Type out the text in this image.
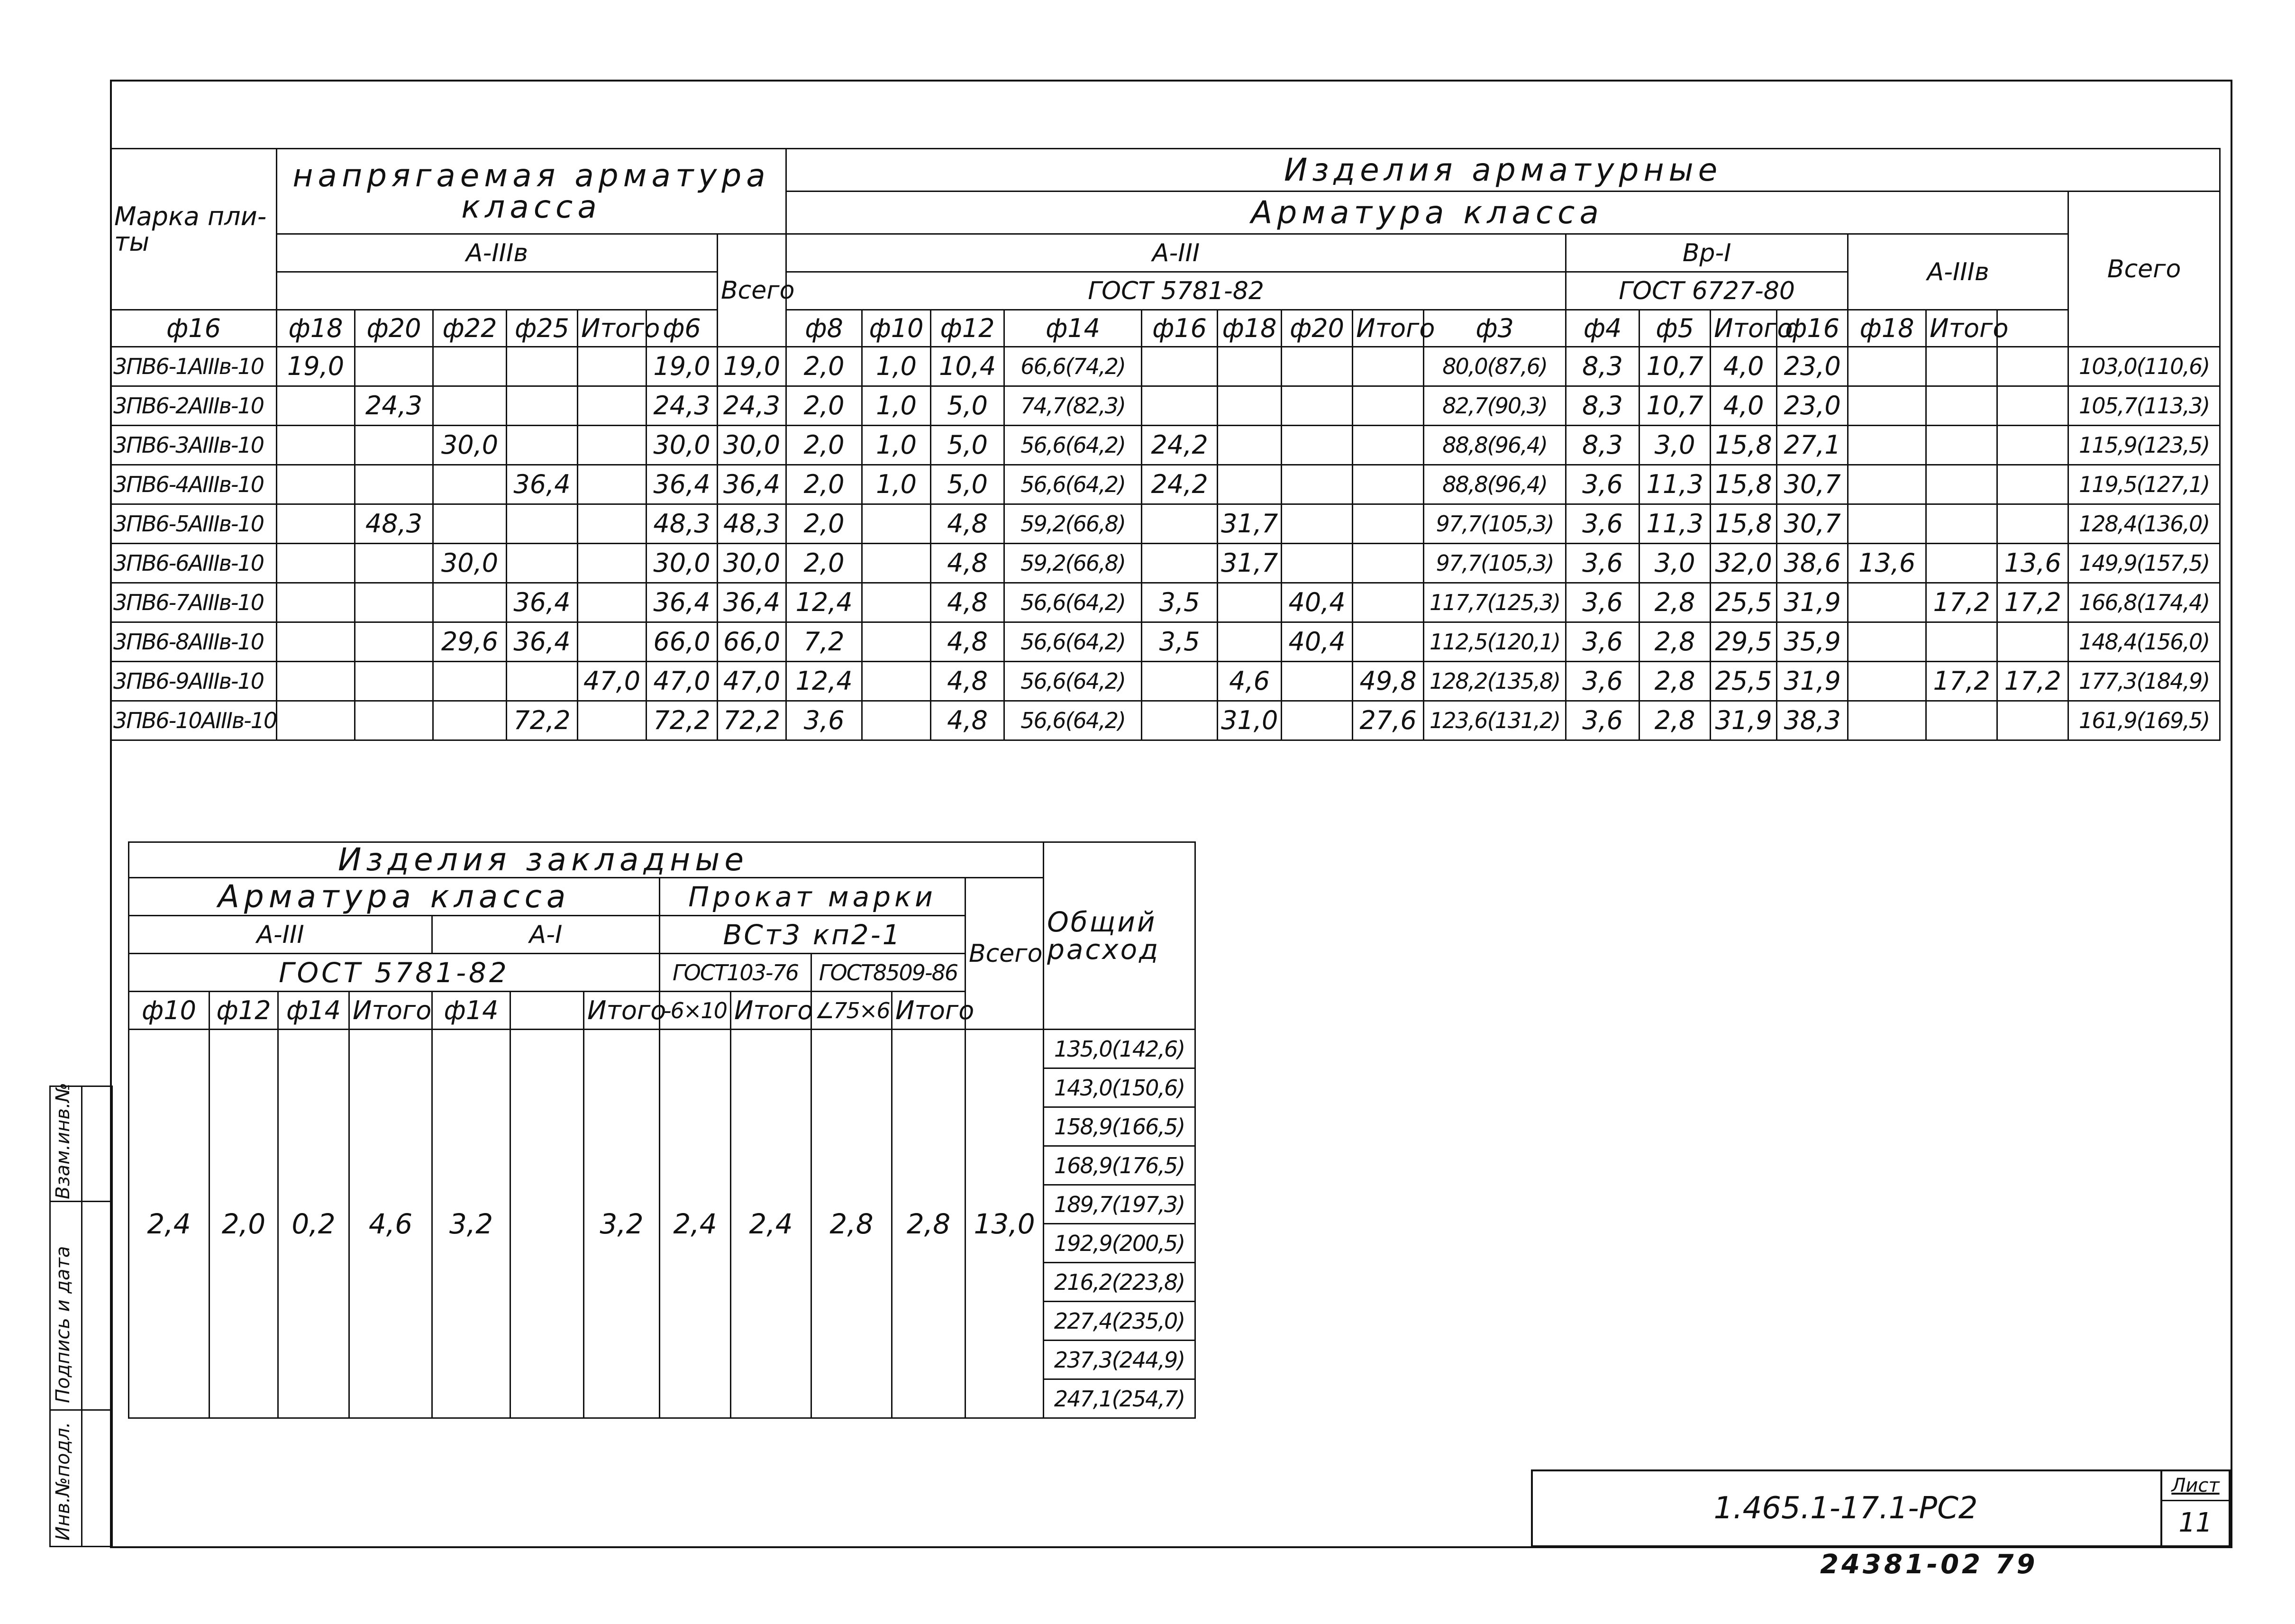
Марка пли-
ты	напрягаемая арматура класса							Изделия арматурные																
								Арматура класса																Всего
	А-IIIв						Всего	А-III									Вр-I				А-IIIв			
								ГОСТ 5781-82									ГОСТ 6727-80							
ф16	ф18	ф20	ф22	ф25	Итого	ф6		ф8	ф10	ф12	ф14	ф16	ф18	ф20	Итого	ф3	ф4	ф5	Итого	ф16	ф18	Итого		
3ПВ6-1АIIIв-10	19,0					19,0	19,0	2,0	1,0	10,4	66,6(74,2)					80,0(87,6)	8,3	10,7	4,0	23,0				103,0(110,6)
3ПВ6-2АIIIв-10		24,3				24,3	24,3	2,0	1,0	5,0	74,7(82,3)					82,7(90,3)	8,3	10,7	4,0	23,0				105,7(113,3)
3ПВ6-3АIIIв-10			30,0			30,0	30,0	2,0	1,0	5,0	56,6(64,2)	24,2				88,8(96,4)	8,3	3,0	15,8	27,1				115,9(123,5)
3ПВ6-4АIIIв-10				36,4		36,4	36,4	2,0	1,0	5,0	56,6(64,2)	24,2				88,8(96,4)	3,6	11,3	15,8	30,7				119,5(127,1)
3ПВ6-5АIIIв-10		48,3				48,3	48,3	2,0		4,8	59,2(66,8)		31,7			97,7(105,3)	3,6	11,3	15,8	30,7				128,4(136,0)
3ПВ6-6АIIIв-10			30,0			30,0	30,0	2,0		4,8	59,2(66,8)		31,7			97,7(105,3)	3,6	3,0	32,0	38,6	13,6		13,6	149,9(157,5)
3ПВ6-7АIIIв-10				36,4		36,4	36,4	12,4		4,8	56,6(64,2)	3,5		40,4		117,7(125,3)	3,6	2,8	25,5	31,9		17,2	17,2	166,8(174,4)
3ПВ6-8АIIIв-10			29,6	36,4		66,0	66,0	7,2		4,8	56,6(64,2)	3,5		40,4		112,5(120,1)	3,6	2,8	29,5	35,9				148,4(156,0)
3ПВ6-9АIIIв-10					47,0	47,0	47,0	12,4		4,8	56,6(64,2)		4,6		49,8	128,2(135,8)	3,6	2,8	25,5	31,9		17,2	17,2	177,3(184,9)
3ПВ6-10АIIIв-10				72,2		72,2	72,2	3,6		4,8	56,6(64,2)		31,0		27,6	123,6(131,2)	3,6	2,8	31,9	38,3				161,9(169,5)
Изделия закладные												Общий расход
Арматура класса							Прокат марки				Всего	
А-III				А-I			ВСт3 кп2-1					
ГОСТ 5781-82							ГОСТ103-76		ГОСТ8509-86			
ф10	ф12	ф14	Итого	ф14		Итого	-6×10	Итого	∠75×6	Итого		
2,4	2,0	0,2	4,6	3,2		3,2	2,4	2,4	2,8	2,8	13,0	135,0(142,6)
												143,0(150,6)
												158,9(166,5)
												168,9(176,5)
												189,7(197,3)
												192,9(200,5)
												216,2(223,8)
												227,4(235,0)
												237,3(244,9)
												247,1(254,7)
Взам.инв.№
Подпись и дата
Инв.№подл.	1.465.1-17.1-РС2
Лист
11
24381-02 79
